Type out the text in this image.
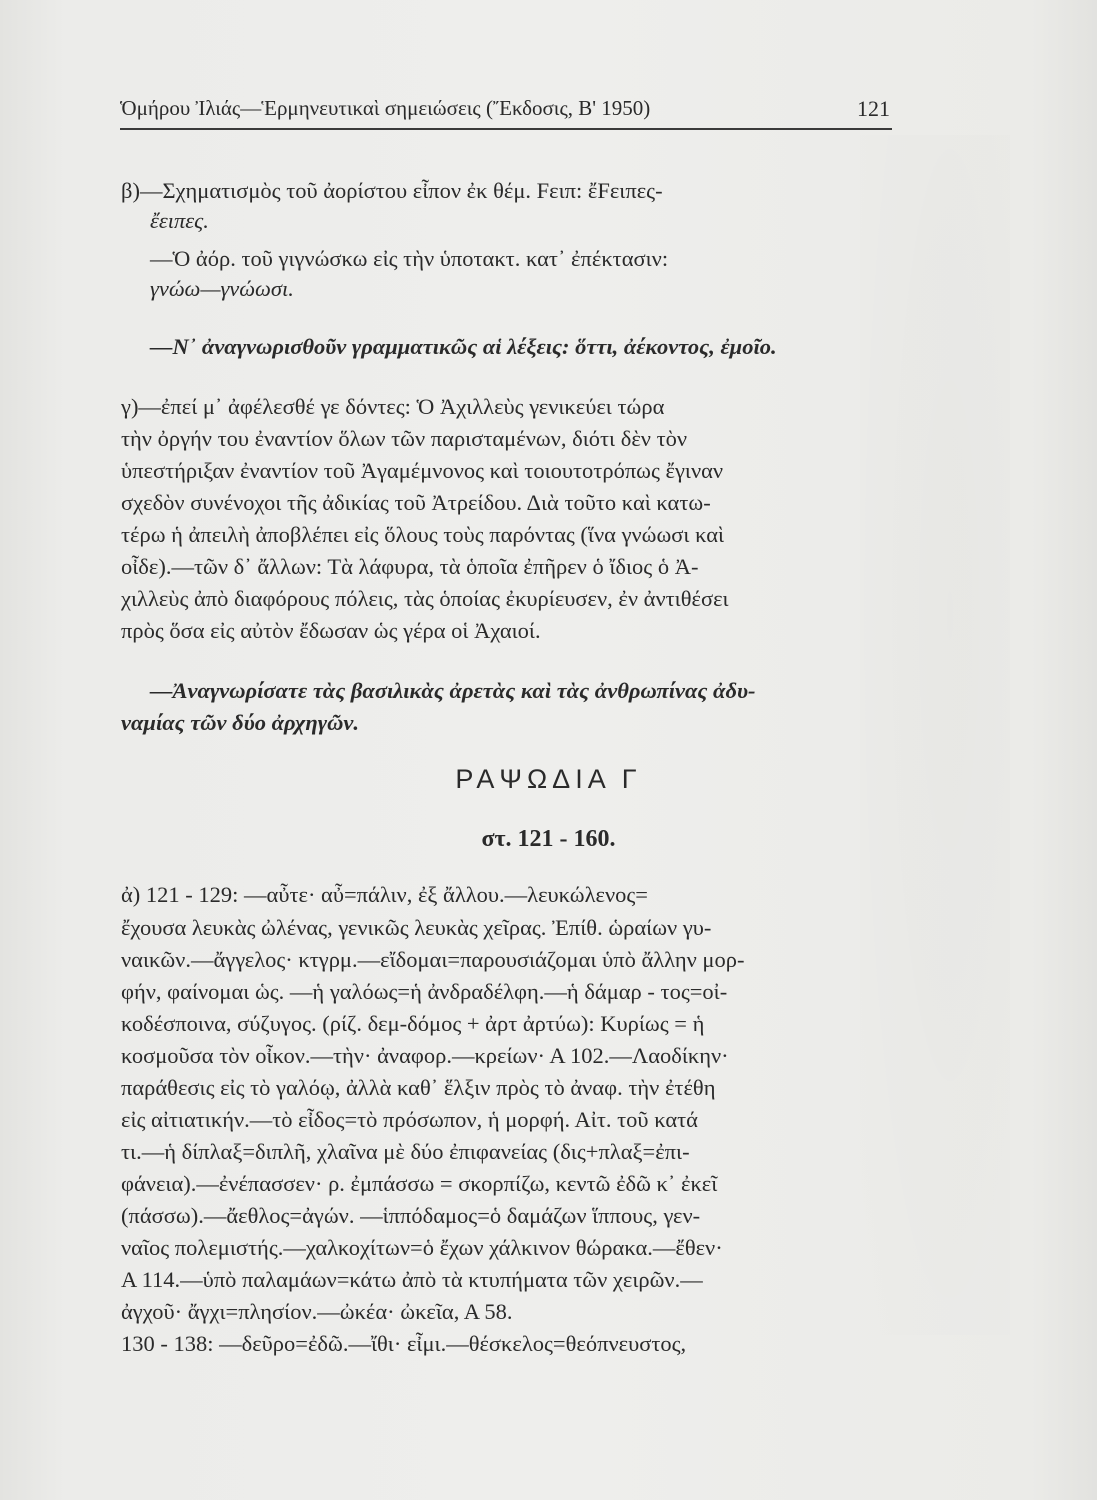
Ὁμήρου Ἰλιάς—Ἑρμηνευτικαὶ σημειώσεις (Ἔκδοσις, Β' 1950)	121
β)—Σχηματισμὸς τοῦ ἀορίστου εἶπον ἐκ θέμ. Fειπ: ἔFειπες-
ἔειπες.
—Ὁ ἀόρ. τοῦ γιγνώσκω εἰς τὴν ὑποτακτ. κατ᾿ ἐπέκτασιν:
γνώω—γνώωσι.
—Ν᾿ ἀναγνωρισθοῦν γραμματικῶς αἱ λέξεις: ὅττι, ἀέκοντος, ἐμοῖο.
γ)—ἐπεί μ᾿ ἀφέλεσθέ γε δόντες: Ὁ Ἀχιλλεὺς γενικεύει τώρα
τὴν ὀργήν του ἐναντίον ὅλων τῶν παρισταμένων, διότι δὲν τὸν
ὑπεστήριξαν ἐναντίον τοῦ Ἀγαμέμνονος καὶ τοιουτοτρόπως ἔγιναν
σχεδὸν συνένοχοι τῆς ἀδικίας τοῦ Ἀτρείδου. Διὰ τοῦτο καὶ κατω-
τέρω ἡ ἀπειλὴ ἀποβλέπει εἰς ὅλους τοὺς παρόντας (ἵνα γνώωσι καὶ
οἶδε).—τῶν δ᾿ ἄλλων: Τὰ λάφυρα, τὰ ὁποῖα ἐπῆρεν ὁ ἴδιος ὁ Ἀ-
χιλλεὺς ἀπὸ διαφόρους πόλεις, τὰς ὁποίας ἐκυρίευσεν, ἐν ἀντιθέσει
πρὸς ὅσα εἰς αὐτὸν ἔδωσαν ὡς γέρα οἱ Ἀχαιοί.
—Ἀναγνωρίσατε τὰς βασιλικὰς ἀρετὰς καὶ τὰς ἀνθρωπίνας ἀδυ-
ναμίας τῶν δύο ἀρχηγῶν.
ΡΑΨΩΔΙΑ Γ
στ. 121 - 160.
ἀ) 121 - 129: —αὖτε· αὖ=πάλιν, ἐξ ἄλλου.—λευκώλενος=
ἔχουσα λευκὰς ὠλένας, γενικῶς λευκὰς χεῖρας. Ἐπίθ. ὡραίων γυ-
ναικῶν.—ἄγγελος· κτγρμ.—εἴδομαι=παρουσιάζομαι ὑπὸ ἄλλην μορ-
φήν, φαίνομαι ὡς. —ἡ γαλόως=ἡ ἀνδραδέλφη.—ἡ δάμαρ - τος=οἰ-
κοδέσποινα, σύζυγος. (ρίζ. δεμ-δόμος + ἀρτ ἀρτύω): Κυρίως = ἡ
κοσμοῦσα τὸν οἶκον.—τὴν· ἀναφορ.—κρείων· Α 102.—Λαοδίκην·
παράθεσις εἰς τὸ γαλόῳ, ἀλλὰ καθ᾿ ἕλξιν πρὸς τὸ ἀναφ. τὴν ἐτέθη
εἰς αἰτιατικήν.—τὸ εἶδος=τὸ πρόσωπον, ἡ μορφή. Αἰτ. τοῦ κατά
τι.—ἡ δίπλαξ=διπλῆ, χλαῖνα μὲ δύο ἐπιφανείας (δις+πλαξ=ἐπι-
φάνεια).—ἐνέπασσεν· ρ. ἐμπάσσω = σκορπίζω, κεντῶ ἐδῶ κ᾿ ἐκεῖ
(πάσσω).—ἄεθλος=ἀγών. —ἱππόδαμος=ὁ δαμάζων ἵππους, γεν-
ναῖος πολεμιστής.—χαλκοχίτων=ὁ ἔχων χάλκινον θώρακα.—ἔθεν·
Α 114.—ὑπὸ παλαμάων=κάτω ἀπὸ τὰ κτυπήματα τῶν χειρῶν.—
ἀγχοῦ· ἄγχι=πλησίον.—ὠκέα· ὠκεῖα, Α 58.
130 - 138: —δεῦρο=ἐδῶ.—ἴθι· εἶμι.—θέσκελος=θεόπνευστος,
